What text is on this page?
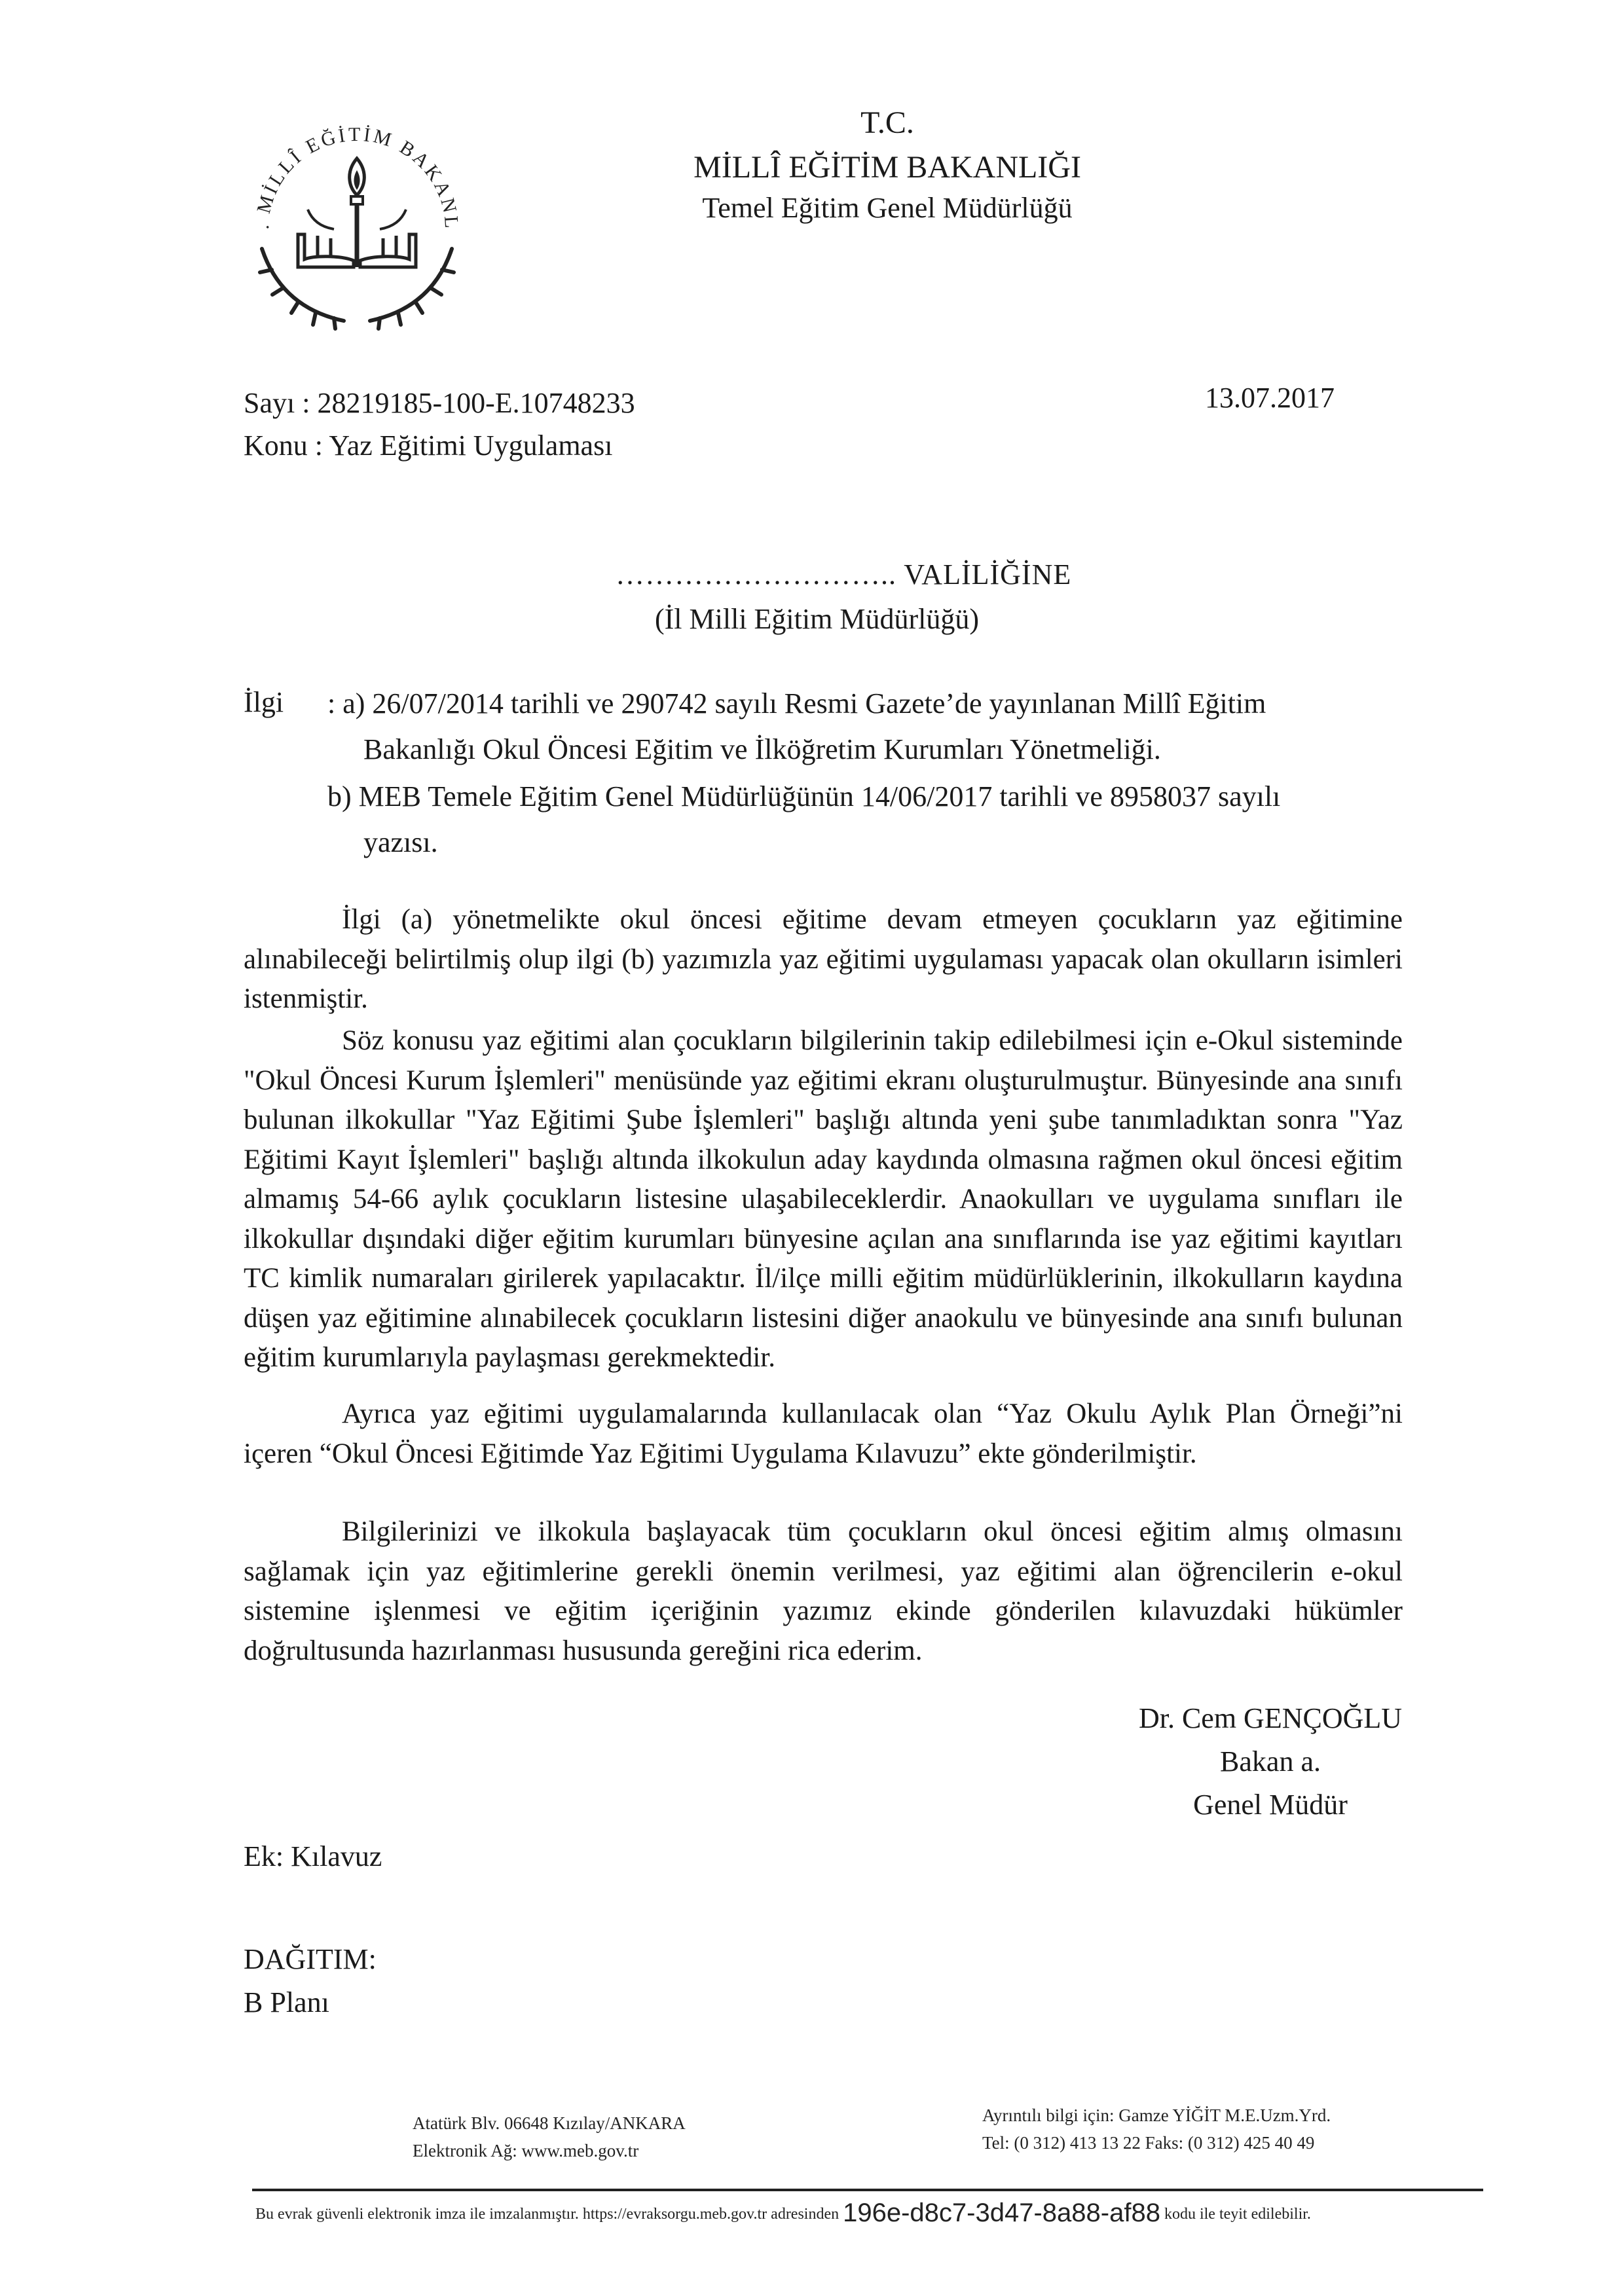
. MİLLÎ EĞİTİM BAKANL
T.C.
MİLLÎ EĞİTİM BAKANLIĞI
Temel Eğitim Genel Müdürlüğü
Sayı : 28219185-100-E.10748233
Konu : Yaz Eğitimi Uygulaması
13.07.2017
……………………….. VALİLİĞİNE
(İl Milli Eğitim Müdürlüğü)
İlgi : a) 26/07/2014 tarihli ve 290742 sayılı Resmi Gazete’de yayınlanan Millî Eğitim
Bakanlığı Okul Öncesi Eğitim ve İlköğretim Kurumları Yönetmeliği.
b) MEB Temele Eğitim Genel Müdürlüğünün 14/06/2017 tarihli ve 8958037 sayılı
yazısı.
İlgi (a) yönetmelikte okul öncesi eğitime devam etmeyen çocukların yaz eğitimine alınabileceği belirtilmiş olup ilgi (b) yazımızla yaz eğitimi uygulaması yapacak olan okulların isimleri istenmiştir.
Söz konusu yaz eğitimi alan çocukların bilgilerinin takip edilebilmesi için e-Okul sisteminde "Okul Öncesi Kurum İşlemleri" menüsünde yaz eğitimi ekranı oluşturulmuştur. Bünyesinde ana sınıfı bulunan ilkokullar "Yaz Eğitimi Şube İşlemleri" başlığı altında yeni şube tanımladıktan sonra "Yaz Eğitimi Kayıt İşlemleri" başlığı altında ilkokulun aday kaydında olmasına rağmen okul öncesi eğitim almamış 54-66 aylık çocukların listesine ulaşabileceklerdir. Anaokulları ve uygulama sınıfları ile ilkokullar dışındaki diğer eğitim kurumları bünyesine açılan ana sınıflarında ise yaz eğitimi kayıtları TC kimlik numaraları girilerek yapılacaktır. İl/ilçe milli eğitim müdürlüklerinin, ilkokulların kaydına düşen yaz eğitimine alınabilecek çocukların listesini diğer anaokulu ve bünyesinde ana sınıfı bulunan eğitim kurumlarıyla paylaşması gerekmektedir.
Ayrıca yaz eğitimi uygulamalarında kullanılacak olan “Yaz Okulu Aylık Plan Örneği”ni içeren “Okul Öncesi Eğitimde Yaz Eğitimi Uygulama Kılavuzu” ekte gönderilmiştir.
Bilgilerinizi ve ilkokula başlayacak tüm çocukların okul öncesi eğitim almış olmasını sağlamak için yaz eğitimlerine gerekli önemin verilmesi, yaz eğitimi alan öğrencilerin e-okul sistemine işlenmesi ve eğitim içeriğinin yazımız ekinde gönderilen kılavuzdaki hükümler doğrultusunda hazırlanması hususunda gereğini rica ederim.
Dr. Cem GENÇOĞLU
Bakan a.
Genel Müdür
Ek: Kılavuz
DAĞITIM:
B Planı
Atatürk Blv. 06648 Kızılay/ANKARA
Elektronik Ağ: www.meb.gov.tr
Ayrıntılı bilgi için: Gamze YİĞİT M.E.Uzm.Yrd.
Tel: (0 312) 413 13 22 Faks: (0 312) 425 40 49
Bu evrak güvenli elektronik imza ile imzalanmıştır. https://evraksorgu.meb.gov.tr adresinden 196e-d8c7-3d47-8a88-af88 kodu ile teyit edilebilir.
